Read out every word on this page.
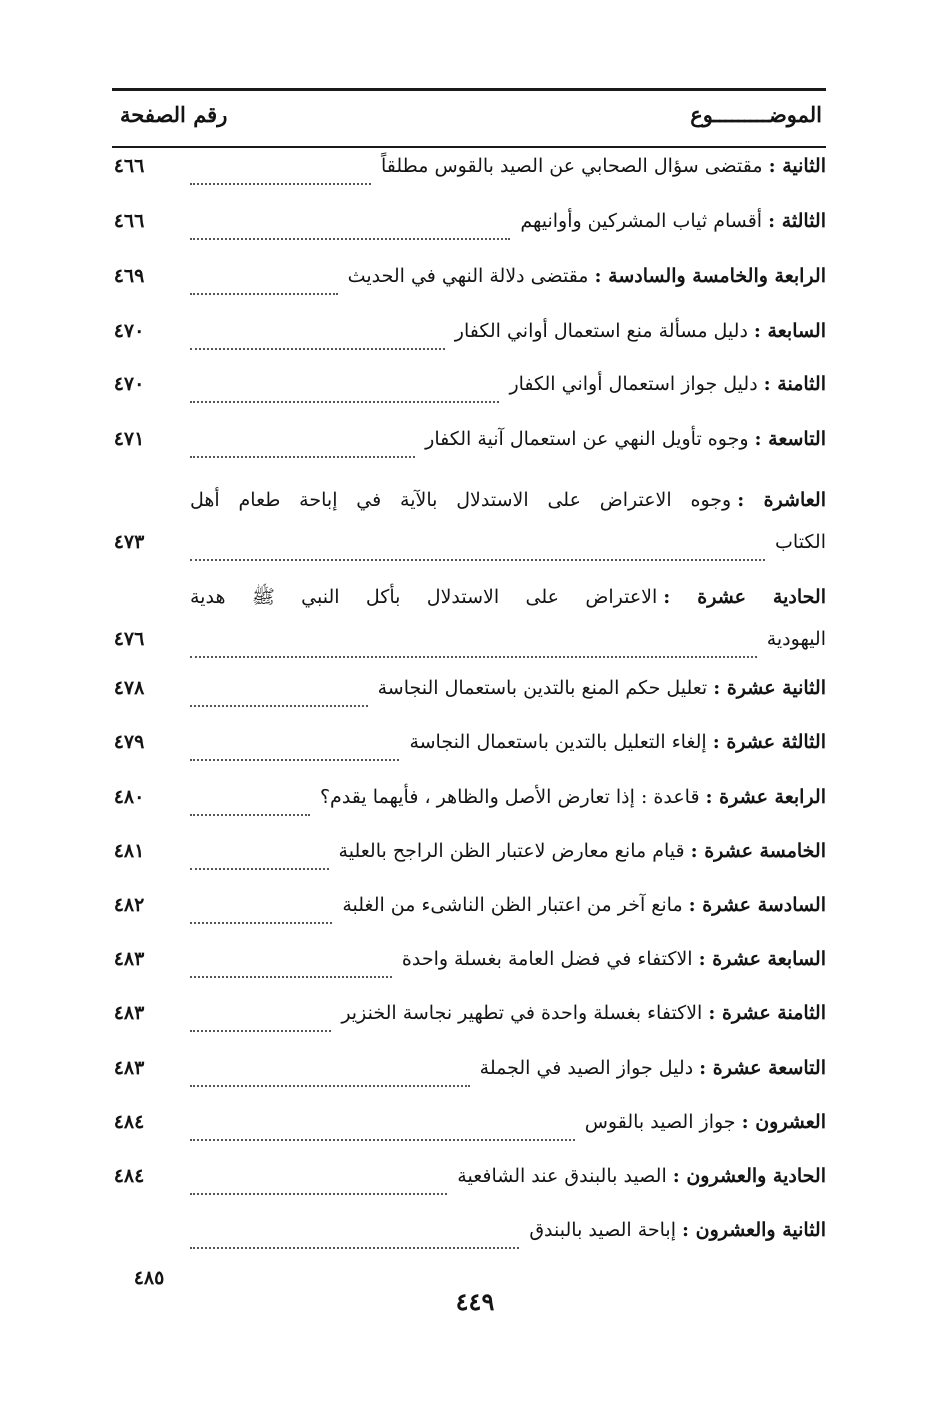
الموضـــــــــوع
رقم الصفحة
الثانية :مقتضى سؤال الصحابي عن الصيد بالقوس مطلقاً
٤٦٦
الثالثة :أقسام ثياب المشركين وأوانيهم
٤٦٦
الرابعة والخامسة والسادسة :مقتضى دلالة النهي في الحديث
٤٦٩
السابعة :دليل مسألة منع استعمال أواني الكفار
٤٧٠
الثامنة :دليل جواز استعمال أواني الكفار
٤٧٠
التاسعة :وجوه تأويل النهي عن استعمال آنية الكفار
٤٧١
العاشرة :وجوه الاعتراض على الاستدلال بالآية في إباحة طعام أهل
الكتاب
٤٧٣
الحادية عشرة :الاعتراض على الاستدلال بأكل النبي ﷺ هدية
اليهودية
٤٧٦
الثانية عشرة :تعليل حكم المنع بالتدين باستعمال النجاسة
٤٧٨
الثالثة عشرة :إلغاء التعليل بالتدين باستعمال النجاسة
٤٧٩
الرابعة عشرة :قاعدة : إذا تعارض الأصل والظاهر ، فأيهما يقدم؟
٤٨٠
الخامسة عشرة :قيام مانع معارض لاعتبار الظن الراجح بالعلية
٤٨١
السادسة عشرة :مانع آخر من اعتبار الظن الناشىء من الغلبة
٤٨٢
السابعة عشرة :الاكتفاء في فضل العامة بغسلة واحدة
٤٨٣
الثامنة عشرة :الاكتفاء بغسلة واحدة في تطهير نجاسة الخنزير
٤٨٣
التاسعة عشرة :دليل جواز الصيد في الجملة
٤٨٣
العشرون :جواز الصيد بالقوس
٤٨٤
الحادية والعشرون :الصيد بالبندق عند الشافعية
٤٨٤
الثانية والعشرون :إباحة الصيد بالبندق
٤٨٥
٤٤٩
